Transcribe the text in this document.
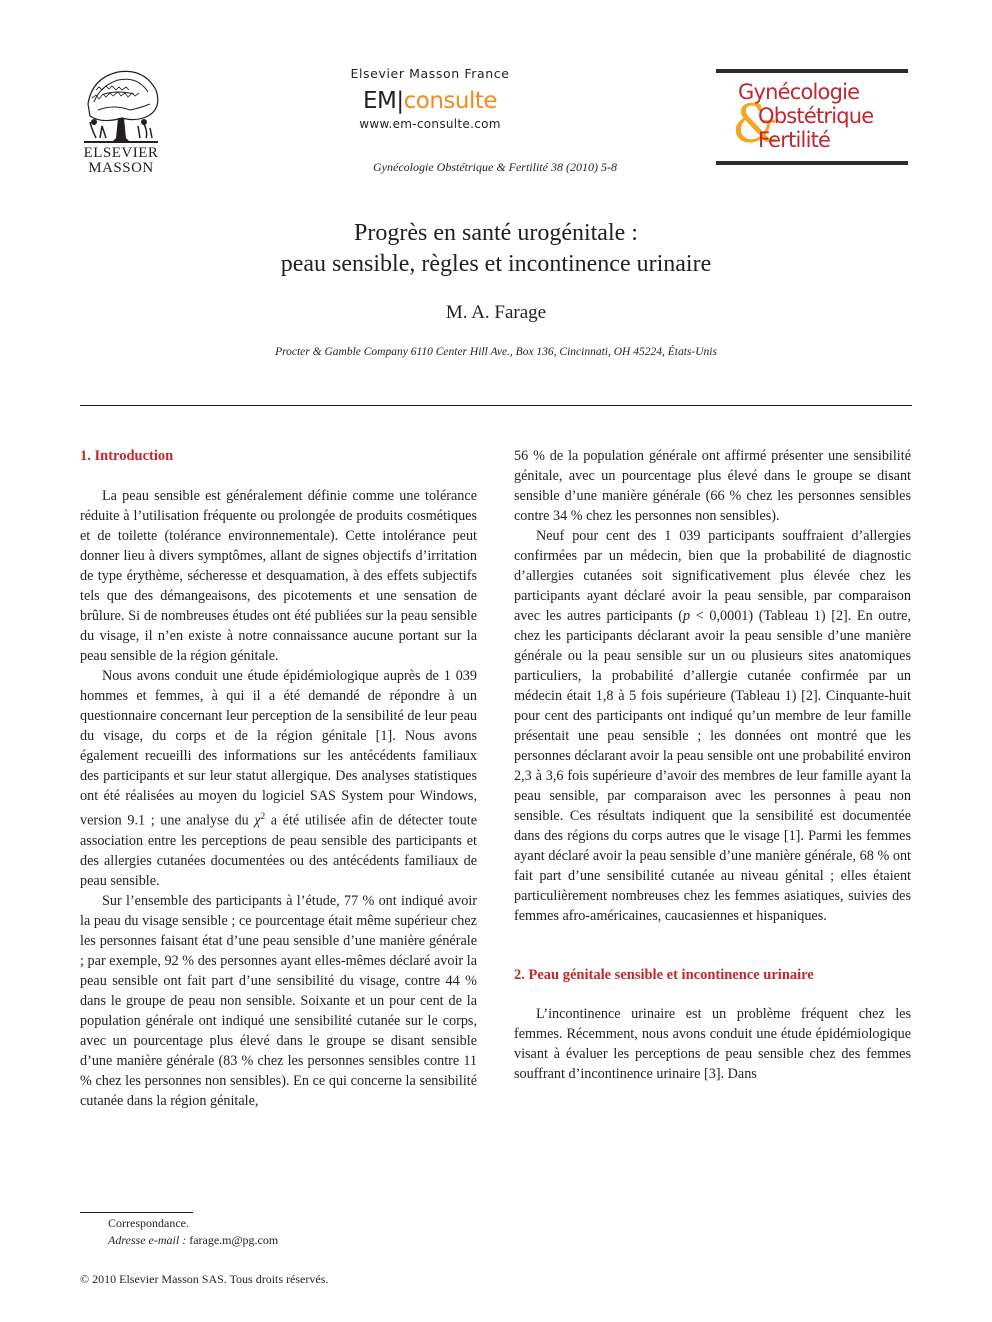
ELSEVIER
MASSON
Elsevier Masson France
EM|consulte
www.em-consulte.com
Gynécologie Obstétrique & Fertilité 38 (2010) 5-8
&
Gynécologie
Obstétrique
Fertilité
Progrès en santé urogénitale :
peau sensible, règles et incontinence urinaire
M. A. Farage
Procter & Gamble Company 6110 Center Hill Ave., Box 136, Cincinnati, OH 45224, États-Unis
1. Introduction

La peau sensible est généralement définie comme une tolérance réduite à l’utilisation fréquente ou prolongée de produits cosmétiques et de toilette (tolérance environnementale). Cette intolérance peut donner lieu à divers symptômes, allant de signes objectifs d’irritation de type érythème, sécheresse et desquamation, à des effets subjectifs tels que des démangeaisons, des picotements et une sensation de brûlure. Si de nombreuses études ont été publiées sur la peau sensible du visage, il n’en existe à notre connaissance aucune portant sur la peau sensible de la région génitale.

Nous avons conduit une étude épidémiologique auprès de 1 039 hommes et femmes, à qui il a été demandé de répondre à un questionnaire concernant leur perception de la sensibilité de leur peau du visage, du corps et de la région génitale [1]. Nous avons également recueilli des informations sur les antécédents familiaux des participants et sur leur statut allergique. Des analyses statistiques ont été réalisées au moyen du logiciel SAS System pour Windows, version 9.1 ; une analyse du $\chi^2$ a été utilisée afin de détecter toute association entre les perceptions de peau sensible des participants et des allergies cutanées documentées ou des antécédents familiaux de peau sensible.

Sur l’ensemble des participants à l’étude, 77 % ont indiqué avoir la peau du visage sensible ; ce pourcentage était même supérieur chez les personnes faisant état d’une peau sensible d’une manière générale ; par exemple, 92 % des personnes ayant elles-mêmes déclaré avoir la peau sensible ont fait part d’une sensibilité du visage, contre 44 % dans le groupe de peau non sensible. Soixante et un pour cent de la population générale ont indiqué une sensibilité cutanée sur le corps, avec un pourcentage plus élevé dans le groupe se disant sensible d’une manière générale (83 % chez les personnes sensibles contre 11 % chez les personnes non sensibles). En ce qui concerne la sensibilité cutanée dans la région génitale,

56 % de la population générale ont affirmé présenter une sensibilité génitale, avec un pourcentage plus élevé dans le groupe se disant sensible d’une manière générale (66 % chez les personnes sensibles contre 34 % chez les personnes non sensibles).

Neuf pour cent des 1 039 participants souffraient d’allergies confirmées par un médecin, bien que la probabilité de diagnostic d’allergies cutanées soit significativement plus élevée chez les participants ayant déclaré avoir la peau sensible, par comparaison avec les autres participants (p < 0,0001) (Tableau 1) [2]. En outre, chez les participants déclarant avoir la peau sensible d’une manière générale ou la peau sensible sur un ou plusieurs sites anatomiques particuliers, la probabilité d’allergie cutanée confirmée par un médecin était 1,8 à 5 fois supérieure (Tableau 1) [2]. Cinquante-huit pour cent des participants ont indiqué qu’un membre de leur famille présentait une peau sensible ; les données ont montré que les personnes déclarant avoir la peau sensible ont une probabilité environ 2,3 à 3,6 fois supérieure d’avoir des membres de leur famille ayant la peau sensible, par comparaison avec les personnes à peau non sensible. Ces résultats indiquent que la sensibilité est documentée dans des régions du corps autres que le visage [1]. Parmi les femmes ayant déclaré avoir la peau sensible d’une manière générale, 68 % ont fait part d’une sensibilité cutanée au niveau génital ; elles étaient particulièrement nombreuses chez les femmes asiatiques, suivies des femmes afro-américaines, caucasiennes et hispaniques.

2. Peau génitale sensible et incontinence urinaire

L’incontinence urinaire est un problème fréquent chez les femmes. Récemment, nous avons conduit une étude épidémiologique visant à évaluer les perceptions de peau sensible chez des femmes souffrant d’incontinence urinaire [3]. Dans

Correspondance.
Adresse e-mail : farage.m@pg.com
© 2010 Elsevier Masson SAS. Tous droits réservés.
